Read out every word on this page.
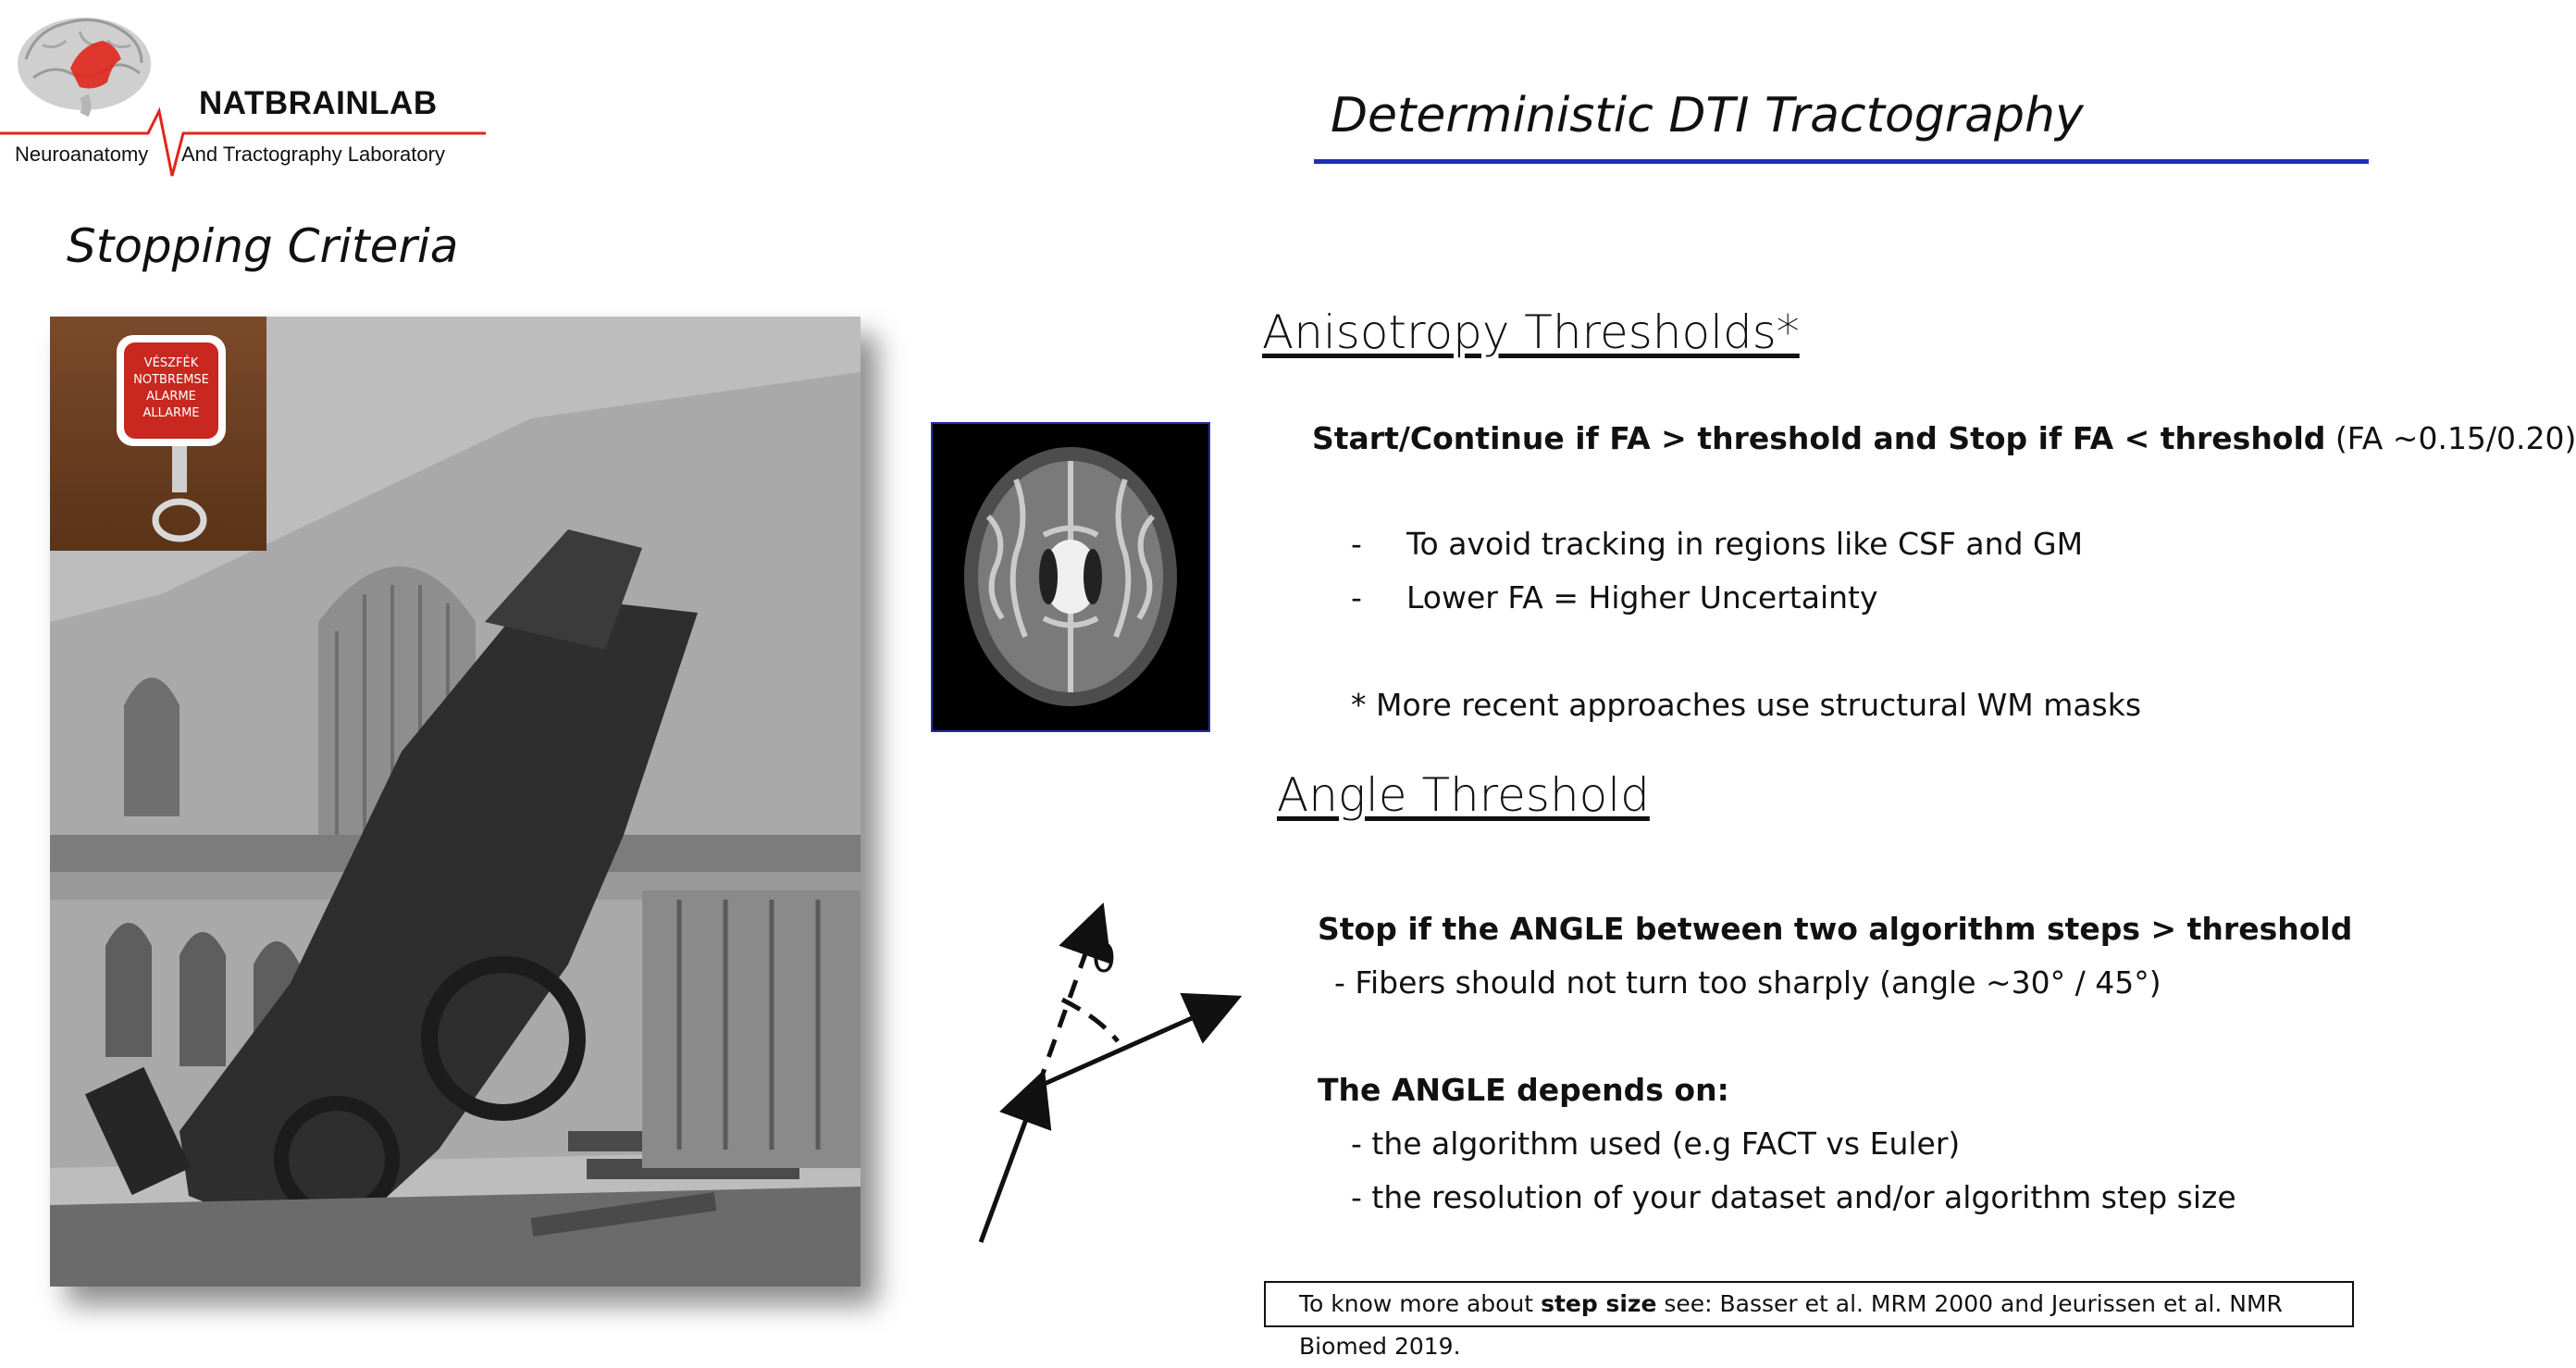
NATBRAINLAB
Neuroanatomy And Tractography Laboratory
Deterministic DTI Tractography
Stopping Criteria
VÉSZFÉK
NOTBREMSE
ALARME
ALLARME
Anisotropy Thresholds*
Start/Continue if FA > threshold and Stop if FA < threshold (FA ~0.15/0.20)
- To avoid tracking in regions like CSF and GM
- Lower FA = Higher Uncertainty
* More recent approaches use structural WM masks
Angle Threshold
Stop if the ANGLE between two algorithm steps > threshold
- Fibers should not turn too sharply (angle ~30° / 45°)
The ANGLE depends on:
- the algorithm used (e.g FACT vs Euler)
- the resolution of your dataset and/or algorithm step size
θ
To know more about step size see: Basser et al. MRM 2000 and Jeurissen et al. NMR Biomed 2019.
